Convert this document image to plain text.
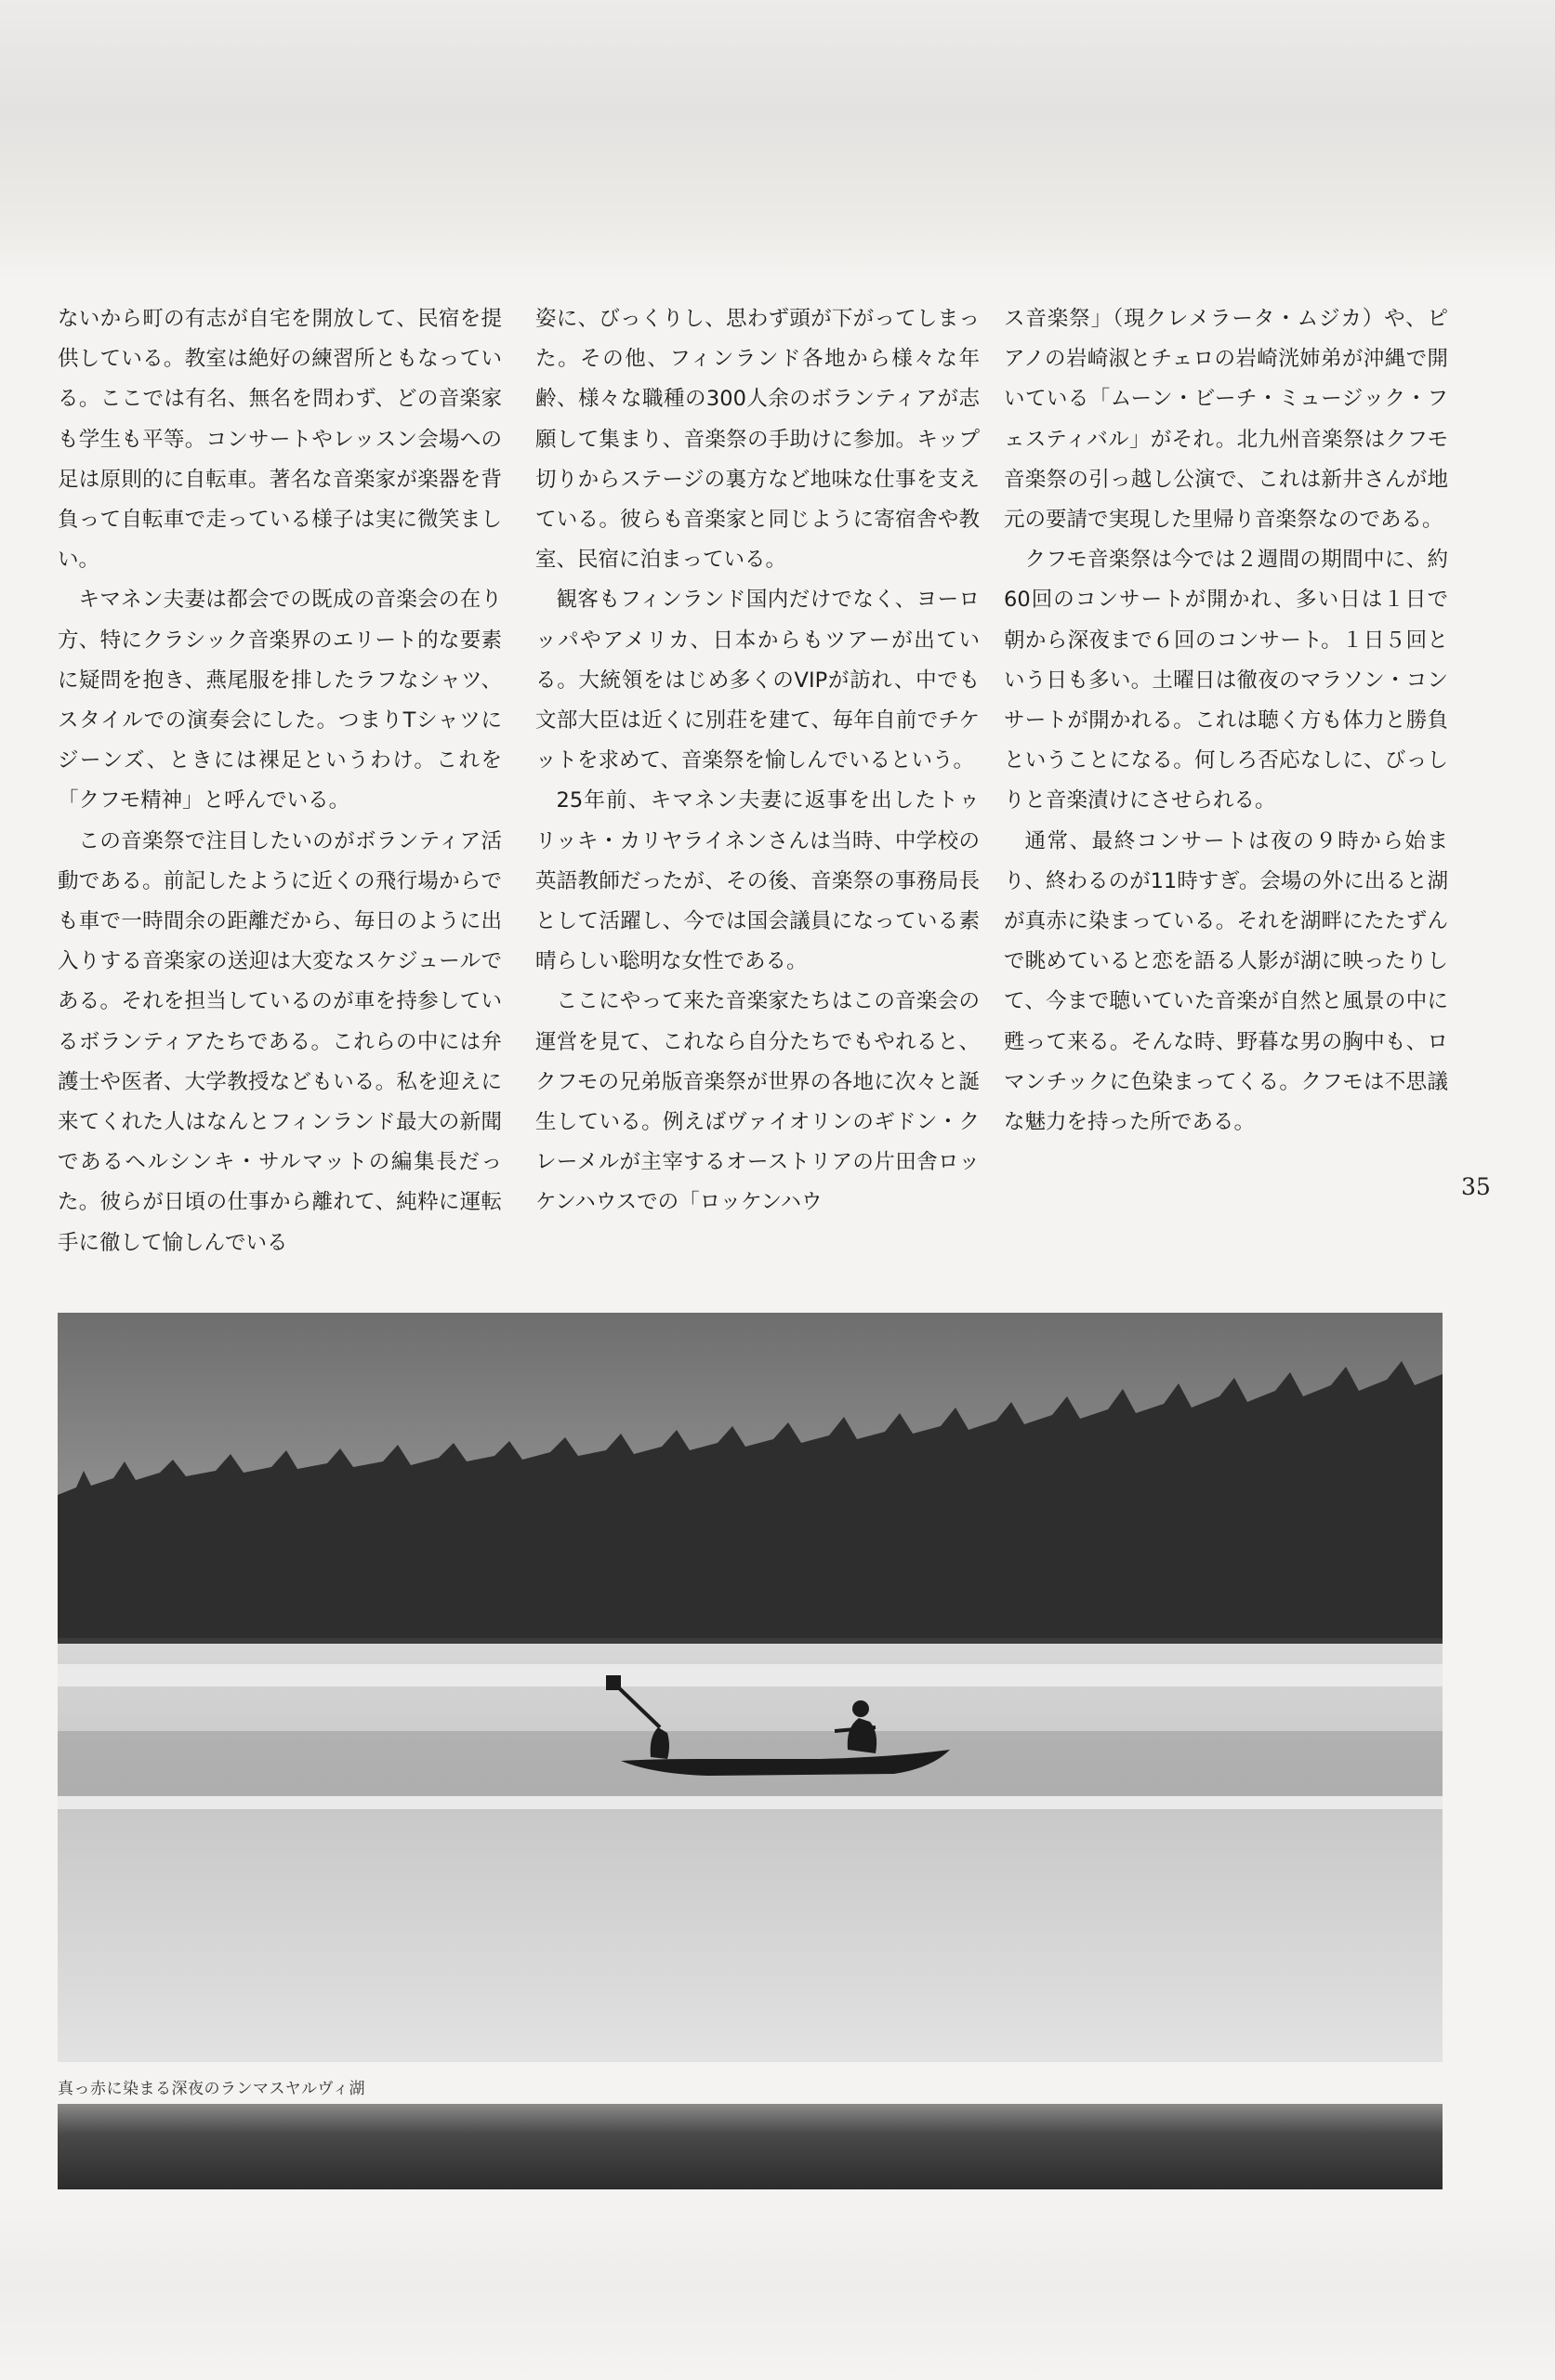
ないから町の有志が自宅を開放して、民宿を提供している。教室は絶好の練習所ともなっている。ここでは有名、無名を問わず、どの音楽家も学生も平等。コンサートやレッスン会場への足は原則的に自転車。著名な音楽家が楽器を背負って自転車で走っている様子は実に微笑ましい。

キマネン夫妻は都会での既成の音楽会の在り方、特にクラシック音楽界のエリート的な要素に疑問を抱き、燕尾服を排したラフなシャツ、スタイルでの演奏会にした。つまりTシャツにジーンズ、ときには裸足というわけ。これを「クフモ精神」と呼んでいる。

この音楽祭で注目したいのがボランティア活動である。前記したように近くの飛行場からでも車で一時間余の距離だから、毎日のように出入りする音楽家の送迎は大変なスケジュールである。それを担当しているのが車を持参しているボランティアたちである。これらの中には弁護士や医者、大学教授などもいる。私を迎えに来てくれた人はなんとフィンランド最大の新聞であるヘルシンキ・サルマットの編集長だった。彼らが日頃の仕事から離れて、純粋に運転手に徹して愉しんでいる

姿に、びっくりし、思わず頭が下がってしまった。その他、フィンランド各地から様々な年齢、様々な職種の300人余のボランティアが志願して集まり、音楽祭の手助けに参加。キップ切りからステージの裏方など地味な仕事を支えている。彼らも音楽家と同じように寄宿舎や教室、民宿に泊まっている。

観客もフィンランド国内だけでなく、ヨーロッパやアメリカ、日本からもツアーが出ている。大統領をはじめ多くのVIPが訪れ、中でも文部大臣は近くに別荘を建て、毎年自前でチケットを求めて、音楽祭を愉しんでいるという。

25年前、キマネン夫妻に返事を出したトゥリッキ・カリヤライネンさんは当時、中学校の英語教師だったが、その後、音楽祭の事務局長として活躍し、今では国会議員になっている素晴らしい聡明な女性である。

ここにやって来た音楽家たちはこの音楽会の運営を見て、これなら自分たちでもやれると、クフモの兄弟版音楽祭が世界の各地に次々と誕生している。例えばヴァイオリンのギドン・クレーメルが主宰するオーストリアの片田舎ロッケンハウスでの「ロッケンハウ

ス音楽祭」（現クレメラータ・ムジカ）や、ピアノの岩崎淑とチェロの岩崎洸姉弟が沖縄で開いている「ムーン・ビーチ・ミュージック・フェスティバル」がそれ。北九州音楽祭はクフモ音楽祭の引っ越し公演で、これは新井さんが地元の要請で実現した里帰り音楽祭なのである。

クフモ音楽祭は今では２週間の期間中に、約60回のコンサートが開かれ、多い日は１日で朝から深夜まで６回のコンサート。１日５回という日も多い。土曜日は徹夜のマラソン・コンサートが開かれる。これは聴く方も体力と勝負ということになる。何しろ否応なしに、びっしりと音楽漬けにさせられる。

通常、最終コンサートは夜の９時から始まり、終わるのが11時すぎ。会場の外に出ると湖が真赤に染まっている。それを湖畔にたたずんで眺めていると恋を語る人影が湖に映ったりして、今まで聴いていた音楽が自然と風景の中に甦って来る。そんな時、野暮な男の胸中も、ロマンチックに色染まってくる。クフモは不思議な魅力を持った所である。

35
真っ赤に染まる深夜のランマスヤルヴィ湖
